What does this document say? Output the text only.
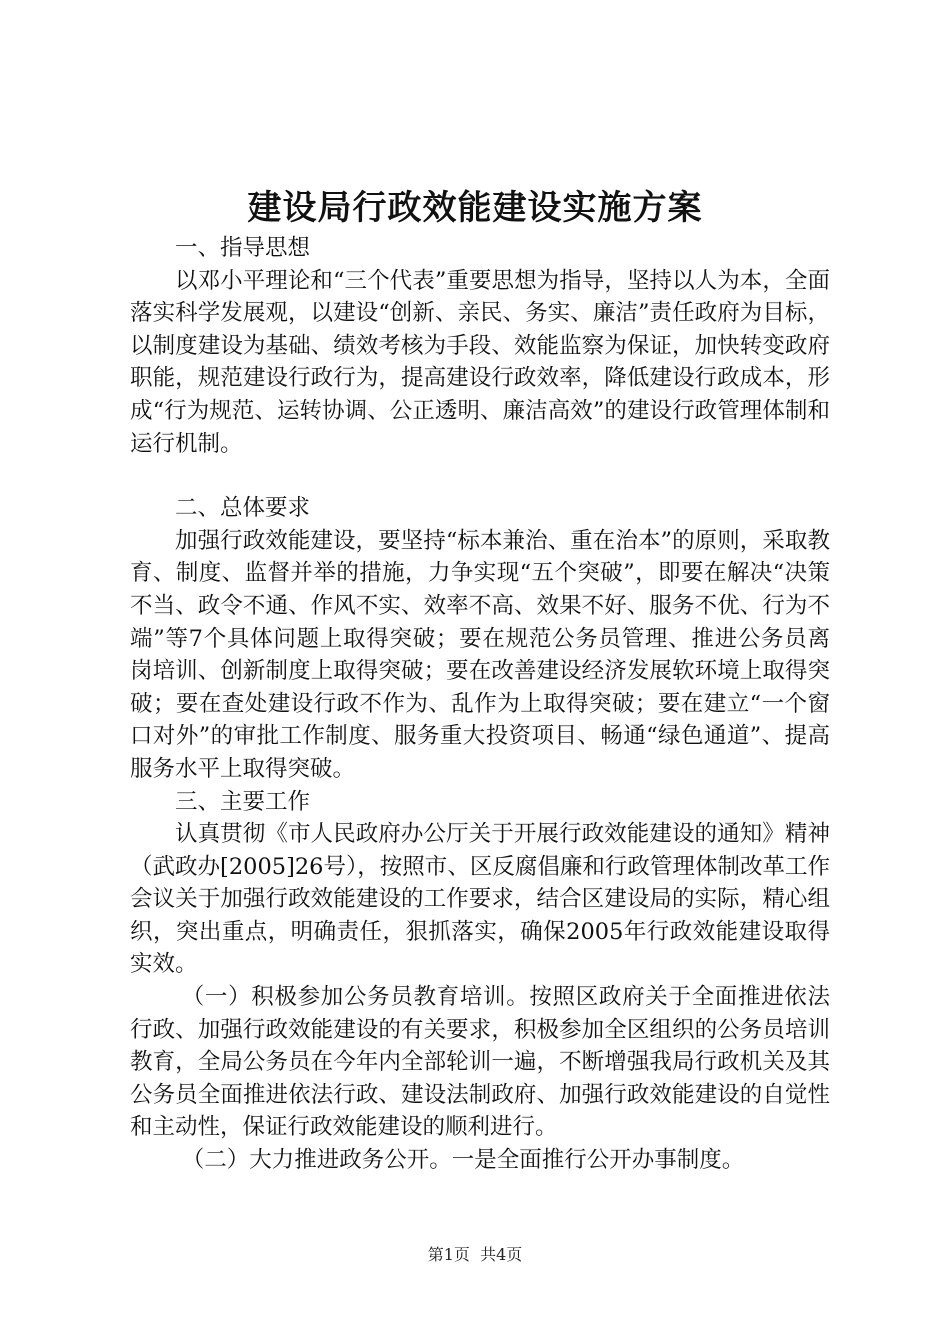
建设局行政效能建设实施方案

一、指导思想

以邓小平理论和“三个代表”重要思想为指导，坚持以人为本，全面落实科学发展观，以建设“创新、亲民、务实、廉洁”责任政府为目标，以制度建设为基础、绩效考核为手段、效能监察为保证，加快转变政府职能，规范建设行政行为，提高建设行政效率，降低建设行政成本，形成“行为规范、运转协调、公正透明、廉洁高效”的建设行政管理体制和运行机制。

二、总体要求

加强行政效能建设，要坚持“标本兼治、重在治本”的原则，采取教育、制度、监督并举的措施，力争实现“五个突破”，即要在解决“决策不当、政令不通、作风不实、效率不高、效果不好、服务不优、行为不端”等7个具体问题上取得突破；要在规范公务员管理、推进公务员离岗培训、创新制度上取得突破；要在改善建设经济发展软环境上取得突破；要在查处建设行政不作为、乱作为上取得突破；要在建立“一个窗口对外”的审批工作制度、服务重大投资项目、畅通“绿色通道”、提高服务水平上取得突破。

三、主要工作

认真贯彻《市人民政府办公厅关于开展行政效能建设的通知》精神（武政办[2005]26号），按照市、区反腐倡廉和行政管理体制改革工作会议关于加强行政效能建设的工作要求，结合区建设局的实际，精心组织，突出重点，明确责任，狠抓落实，确保2005年行政效能建设取得实效。

（一）积极参加公务员教育培训。按照区政府关于全面推进依法行政、加强行政效能建设的有关要求，积极参加全区组织的公务员培训教育，全局公务员在今年内全部轮训一遍，不断增强我局行政机关及其公务员全面推进依法行政、建设法制政府、加强行政效能建设的自觉性和主动性，保证行政效能建设的顺利进行。

（二）大力推进政务公开。一是全面推行公开办事制度。

第1页 共4页
